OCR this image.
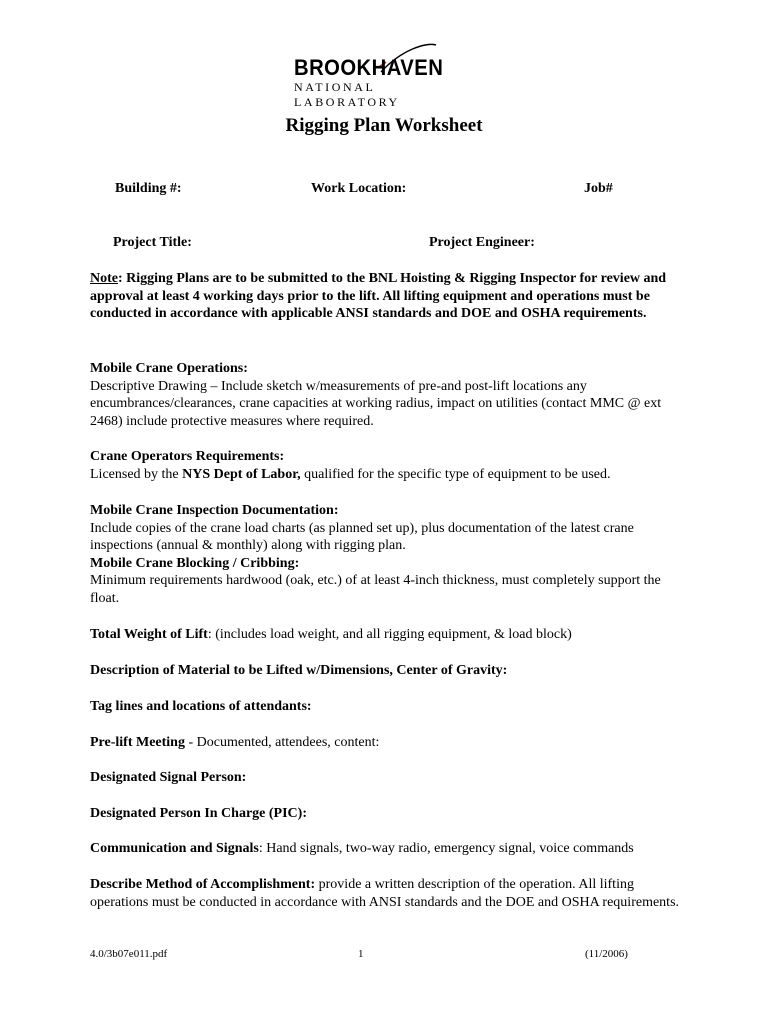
BROOKHAVEN
NATIONAL LABORATORY
Rigging Plan Worksheet
Building #:	Work Location:	Job#
Project Title:	Project Engineer:
Note: Rigging Plans are to be submitted to the BNL Hoisting & Rigging Inspector for review and approval at least 4 working days prior to the lift. All lifting equipment and operations must be conducted in accordance with applicable ANSI standards and DOE and OSHA requirements.
Mobile Crane Operations:
Descriptive Drawing – Include sketch w/measurements of pre-and post-lift locations any encumbrances/clearances, crane capacities at working radius, impact on utilities (contact MMC @ ext 2468) include protective measures where required.
Crane Operators Requirements:
Licensed by the NYS Dept of Labor, qualified for the specific type of equipment to be used.
Mobile Crane Inspection Documentation:
Include copies of the crane load charts (as planned set up), plus documentation of the latest crane inspections (annual & monthly) along with rigging plan.
Mobile Crane Blocking / Cribbing:
Minimum requirements hardwood (oak, etc.) of at least 4-inch thickness, must completely support the float.
Total Weight of Lift: (includes load weight, and all rigging equipment, & load block)
Description of Material to be Lifted w/Dimensions, Center of Gravity:
Tag lines and locations of attendants:
Pre-lift Meeting - Documented, attendees, content:
Designated Signal Person:
Designated Person In Charge (PIC):
Communication and Signals: Hand signals, two-way radio, emergency signal, voice commands
Describe Method of Accomplishment: provide a written description of the operation. All lifting operations must be conducted in accordance with ANSI standards and the DOE and OSHA requirements.
4.0/3b07e011.pdf	1	(11/2006)
